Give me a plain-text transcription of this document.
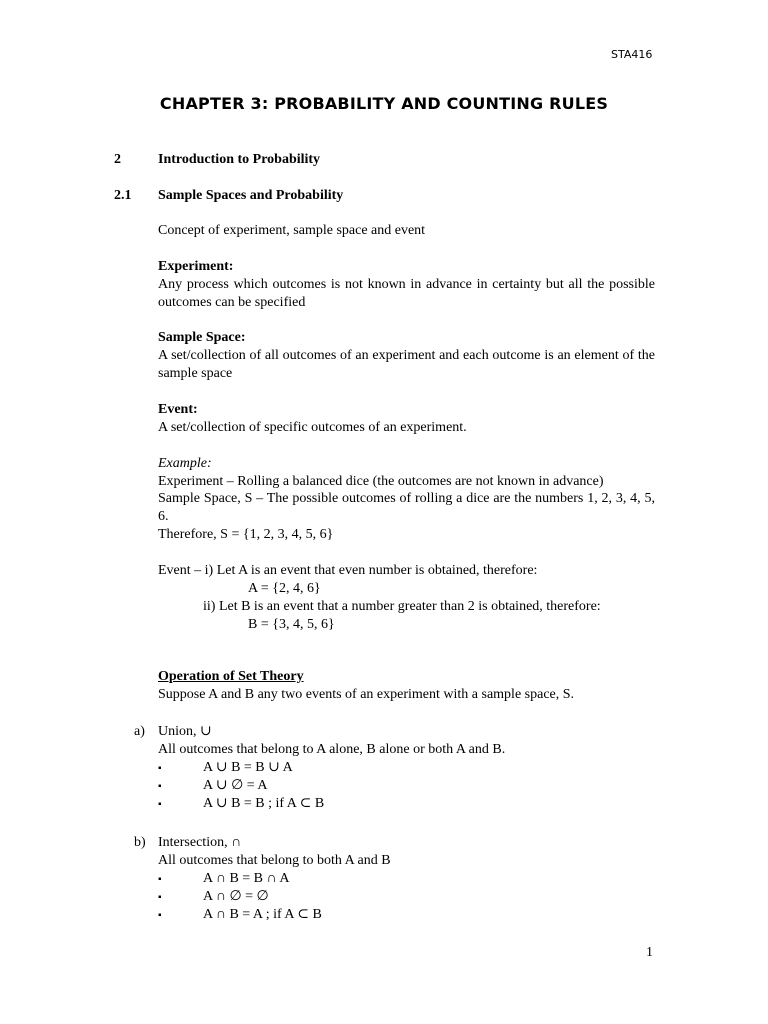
STA416
CHAPTER 3: PROBABILITY AND COUNTING RULES
2	Introduction to Probability
2.1 Sample Spaces and Probability
Concept of experiment, sample space and event
Experiment:
Any process which outcomes is not known in advance in certainty but all the possible outcomes can be specified
Sample Space:
A set/collection of all outcomes of an experiment and each outcome is an element of the sample space
Event:
A set/collection of specific outcomes of an experiment.
Example:
Experiment – Rolling a balanced dice (the outcomes are not known in advance)
Sample Space, S – The possible outcomes of rolling a dice are the numbers 1, 2, 3, 4, 5, 6.
Therefore, S = {1, 2, 3, 4, 5, 6}
Event – i) Let A is an event that even number is obtained, therefore:
A = {2, 4, 6}
ii) Let B is an event that a number greater than 2 is obtained, therefore:
B = {3, 4, 5, 6}
Operation of Set Theory
Suppose A and B any two events of an experiment with a sample space, S.
a) Union, ∪
All outcomes that belong to A alone, B alone or both A and B.
▪	A ∪ B = B ∪ A
▪	A ∪ ∅ = A
▪	A ∪ B = B ; if A ⊂ B
b) Intersection, ∩
All outcomes that belong to both A and B
▪	A ∩ B = B ∩ A
▪	A ∩ ∅ = ∅
▪	A ∩ B = A ; if A ⊂ B
1
